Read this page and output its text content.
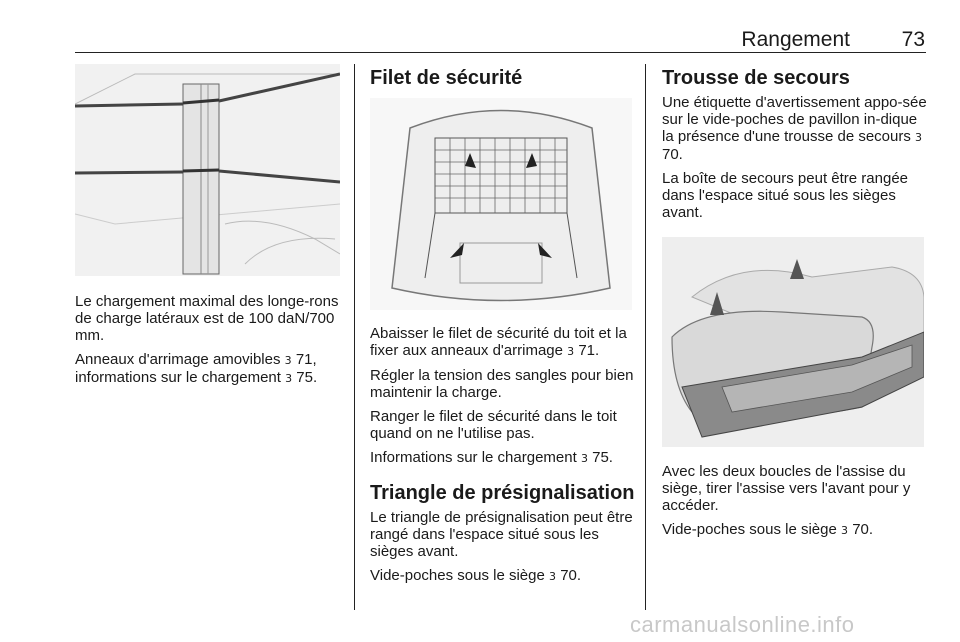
Rangement	73

Le chargement maximal des longe-rons de charge latéraux est de 100 daN/700 mm.

Anneaux d'arrimage amovibles 3 71, informations sur le chargement 3 75.

Filet de sécurité

Abaisser le filet de sécurité du toit et la fixer aux anneaux d'arrimage 3 71.

Régler la tension des sangles pour bien maintenir la charge.

Ranger le filet de sécurité dans le toit quand on ne l'utilise pas.

Informations sur le chargement 3 75.

Triangle de présignalisation

Le triangle de présignalisation peut être rangé dans l'espace situé sous les sièges avant.

Vide-poches sous le siège 3 70.

Trousse de secours

Une étiquette d'avertissement appo-sée sur le vide-poches de pavillon in-dique la présence d'une trousse de secours 3 70.

La boîte de secours peut être rangée dans l'espace situé sous les sièges avant.

Avec les deux boucles de l'assise du siège, tirer l'assise vers l'avant pour y accéder.

Vide-poches sous le siège 3 70.

carmanualsonline.info
